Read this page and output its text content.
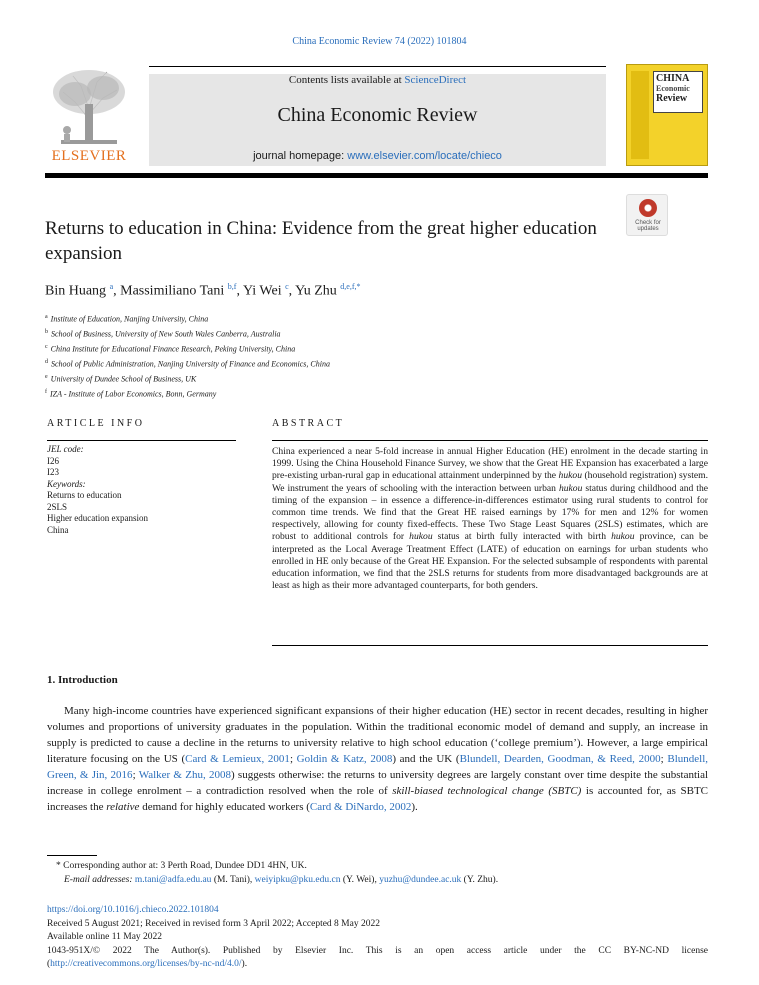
China Economic Review 74 (2022) 101804
ELSEVIER
Contents lists available at ScienceDirect
China Economic Review
journal homepage: www.elsevier.com/locate/chieco
CHINA
Economic
Review
Returns to education in China: Evidence from the great higher education expansion
Check for
updates
Bin Huang $^a$, Massimiliano Tani $^{b,f}$, Yi Wei $^c$, Yu Zhu $^{d,e,f,*}$
$^a$ Institute of Education, Nanjing University, China
$^b$ School of Business, University of New South Wales Canberra, Australia
$^c$ China Institute for Educational Finance Research, Peking University, China
$^d$ School of Public Administration, Nanjing University of Finance and Economics, China
$^e$ University of Dundee School of Business, UK
$^f$ IZA - Institute of Labor Economics, Bonn, Germany
ARTICLE INFO	ABSTRACT
JEL code:
I26
I23
Keywords:
Returns to education
2SLS
Higher education expansion
China
China experienced a near 5-fold increase in annual Higher Education (HE) enrolment in the decade starting in 1999. Using the China Household Finance Survey, we show that the Great HE Expansion has exacerbated a large pre-existing urban-rural gap in educational attainment underpinned by the hukou (household registration) system. We instrument the years of schooling with the interaction between urban hukou status during childhood and the timing of the expansion – in essence a difference-in-differences estimator using rural students to control for common time trends. We find that the Great HE raised earnings by 17% for men and 12% for women respectively, allowing for county fixed-effects. These Two Stage Least Squares (2SLS) estimates, which are robust to additional controls for hukou status at birth fully interacted with birth hukou province, can be interpreted as the Local Average Treatment Effect (LATE) of education on earnings for urban students who enrolled in HE only because of the Great HE Expansion. For the selected subsample of respondents with parental education information, we find that the 2SLS returns for students from more disadvantaged backgrounds are at least as high as their more advantaged counterparts, for both genders.
1. Introduction
Many high-income countries have experienced significant expansions of their higher education (HE) sector in recent decades, resulting in higher volumes and proportions of university graduates in the population. Within the traditional economic model of demand and supply, an increase in supply is predicted to cause a decline in the returns to university relative to high school education (‘college premium’). However, a large empirical literature focusing on the US (Card & Lemieux, 2001; Goldin & Katz, 2008) and the UK (Blundell, Dearden, Goodman, & Reed, 2000; Blundell, Green, & Jin, 2016; Walker & Zhu, 2008) suggests otherwise: the returns to university degrees are largely constant over time despite the substantial increase in college enrolment – a contradiction resolved when the role of skill-biased technological change (SBTC) is accounted for, as SBTC increases the relative demand for highly educated workers (Card & DiNardo, 2002).
* Corresponding author at: 3 Perth Road, Dundee DD1 4HN, UK.
E-mail addresses: m.tani@adfa.edu.au (M. Tani), weiyipku@pku.edu.cn (Y. Wei), yuzhu@dundee.ac.uk (Y. Zhu).
https://doi.org/10.1016/j.chieco.2022.101804
Received 5 August 2021; Received in revised form 3 April 2022; Accepted 8 May 2022
Available online 11 May 2022
1043-951X/© 2022 The Author(s). Published by Elsevier Inc. This is an open access article under the CC BY-NC-ND license
(http://creativecommons.org/licenses/by-nc-nd/4.0/).
